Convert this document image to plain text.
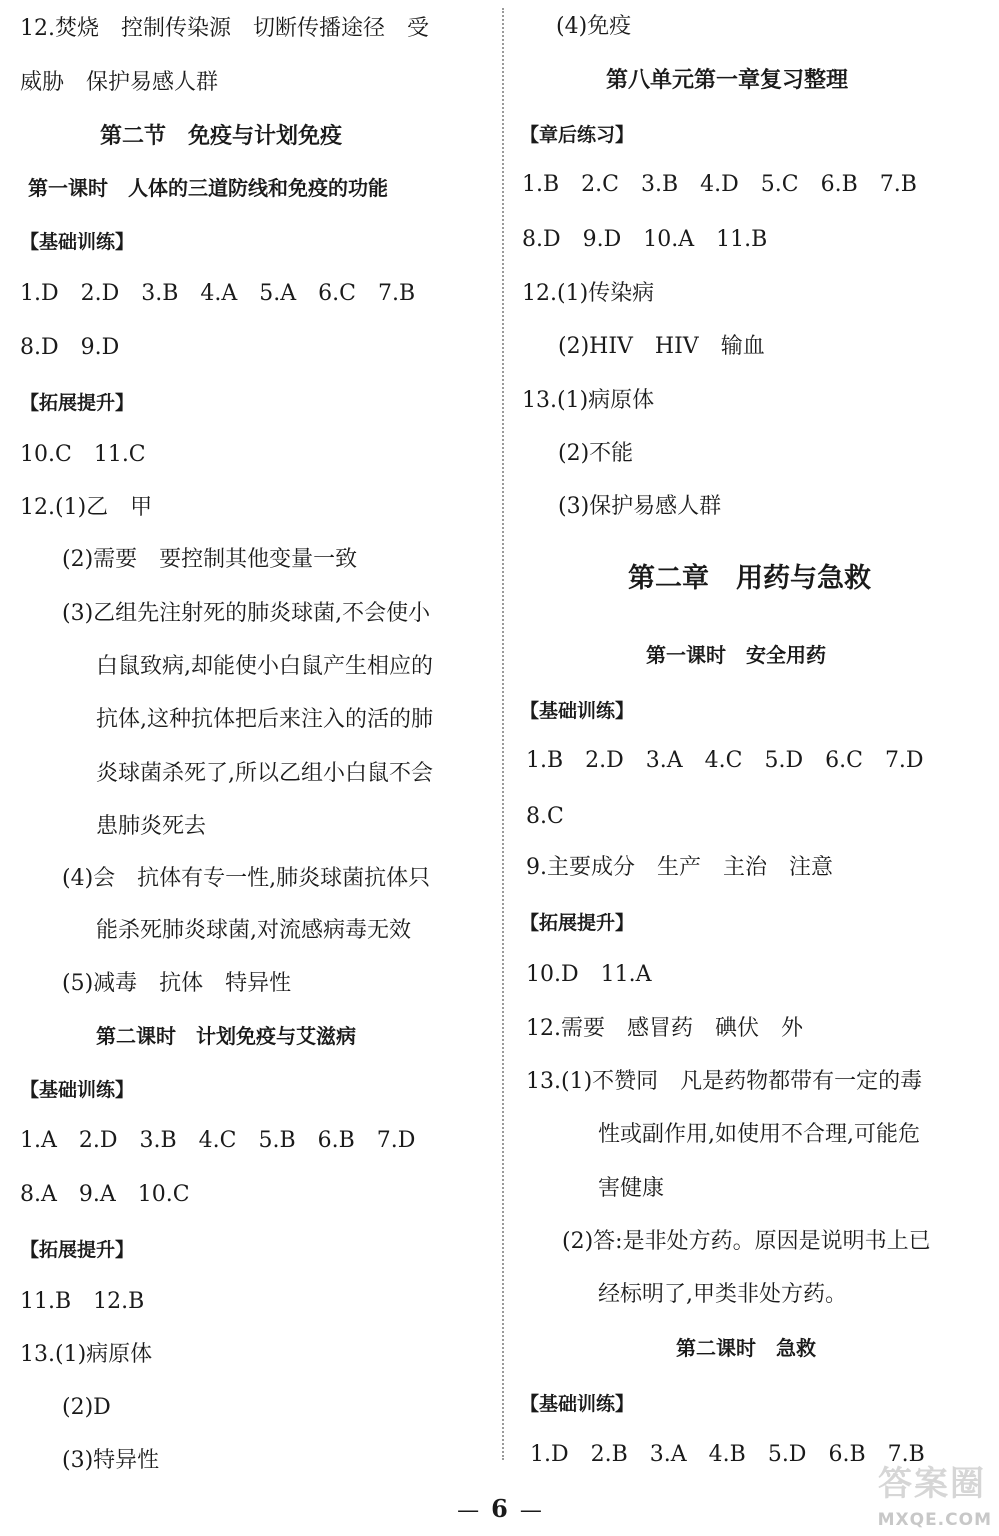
12.焚烧　控制传染源　切断传播途径　受
威胁　保护易感人群
第二节　免疫与计划免疫
第一课时　人体的三道防线和免疫的功能
【基础训练】
1.D　2.D　3.B　4.A　5.A　6.C　7.B
8.D　9.D
【拓展提升】
10.C　11.C
12.(1)乙　甲
(2)需要　要控制其他变量一致
(3)乙组先注射死的肺炎球菌,不会使小
白鼠致病,却能使小白鼠产生相应的
抗体,这种抗体把后来注入的活的肺
炎球菌杀死了,所以乙组小白鼠不会
患肺炎死去
(4)会　抗体有专一性,肺炎球菌抗体只
能杀死肺炎球菌,对流感病毒无效
(5)减毒　抗体　特异性
第二课时　计划免疫与艾滋病
【基础训练】
1.A　2.D　3.B　4.C　5.B　6.B　7.D
8.A　9.A　10.C
【拓展提升】
11.B　12.B
13.(1)病原体
(2)D
(3)特异性
(4)免疫
第八单元第一章复习整理
【章后练习】
1.B　2.C　3.B　4.D　5.C　6.B　7.B
8.D　9.D　10.A　11.B
12.(1)传染病
(2)HIV　HIV　输血
13.(1)病原体
(2)不能
(3)保护易感人群
第二章　用药与急救
第一课时　安全用药
【基础训练】
1.B　2.D　3.A　4.C　5.D　6.C　7.D
8.C
9.主要成分　生产　主治　注意
【拓展提升】
10.D　11.A
12.需要　感冒药　碘伏　外
13.(1)不赞同　凡是药物都带有一定的毒
性或副作用,如使用不合理,可能危
害健康
(2)答:是非处方药。原因是说明书上已
经标明了,甲类非处方药。
第二课时　急救
【基础训练】
1.D　2.B　3.A　4.B　5.D　6.B　7.B
— 6 —
答案圈
MXQE.COM
